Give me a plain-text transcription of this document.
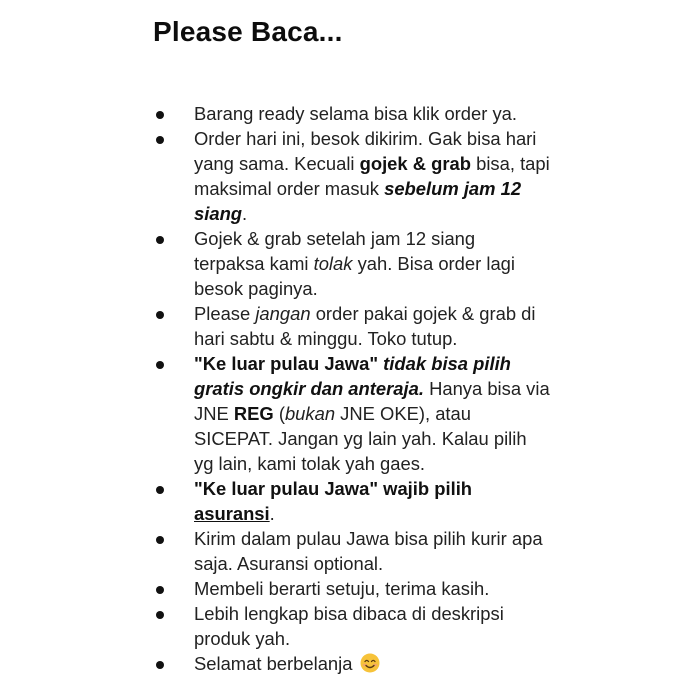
Please Baca...
Barang ready selama bisa klik order ya.
Order hari ini, besok dikirim. Gak bisa hari yang sama. Kecuali gojek & grab bisa, tapi maksimal order masuk sebelum jam 12 siang.
Gojek & grab setelah jam 12 siang terpaksa kami tolak yah. Bisa order lagi besok paginya.
Please jangan order pakai gojek & grab di hari sabtu & minggu. Toko tutup.
"Ke luar pulau Jawa" tidak bisa pilih gratis ongkir dan anteraja. Hanya bisa via JNE REG (bukan JNE OKE), atau SICEPAT. Jangan yg lain yah. Kalau pilih yg lain, kami tolak yah gaes.
"Ke luar pulau Jawa" wajib pilih asuransi.
Kirim dalam pulau Jawa bisa pilih kurir apa saja. Asuransi optional.
Membeli berarti setuju, terima kasih.
Lebih lengkap bisa dibaca di deskripsi produk yah.
Selamat berbelanja
